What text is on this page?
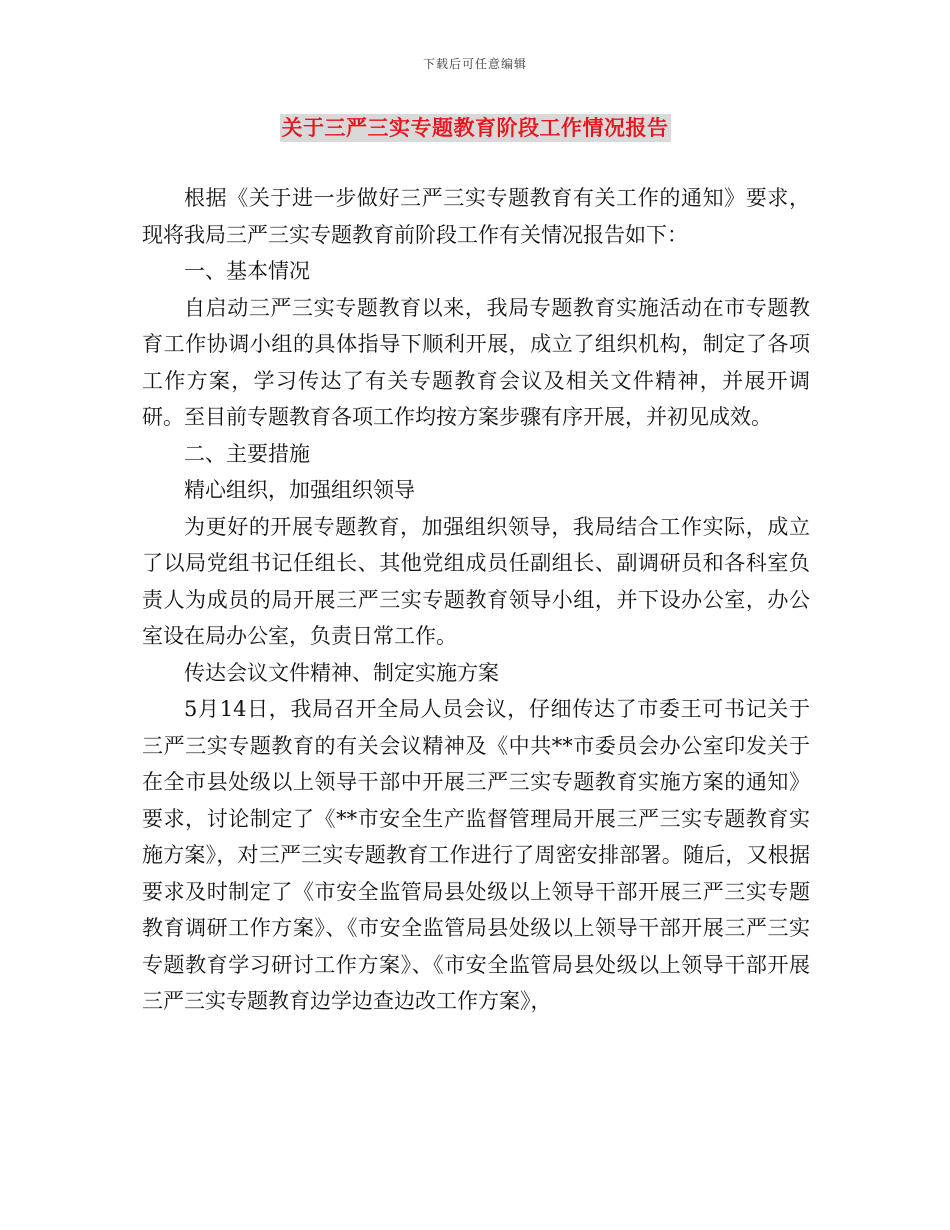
下载后可任意编辑
关于三严三实专题教育阶段工作情况报告

根据《关于进一步做好三严三实专题教育有关工作的通知》要求，现将我局三严三实专题教育前阶段工作有关情况报告如下：

一、基本情况

自启动三严三实专题教育以来，我局专题教育实施活动在市专题教育工作协调小组的具体指导下顺利开展，成立了组织机构，制定了各项工作方案，学习传达了有关专题教育会议及相关文件精神，并展开调研。至目前专题教育各项工作均按方案步骤有序开展，并初见成效。

二、主要措施

精心组织，加强组织领导

为更好的开展专题教育，加强组织领导，我局结合工作实际，成立了以局党组书记任组长、其他党组成员任副组长、副调研员和各科室负责人为成员的局开展三严三实专题教育领导小组，并下设办公室，办公室设在局办公室，负责日常工作。

传达会议文件精神、制定实施方案

5月14日，我局召开全局人员会议，仔细传达了市委王可书记关于三严三实专题教育的有关会议精神及《中共**市委员会办公室印发关于在全市县处级以上领导干部中开展三严三实专题教育实施方案的通知》要求，讨论制定了《**市安全生产监督管理局开展三严三实专题教育实施方案》，对三严三实专题教育工作进行了周密安排部署。随后，又根据要求及时制定了《市安全监管局县处级以上领导干部开展三严三实专题教育调研工作方案》、《市安全监管局县处级以上领导干部开展三严三实专题教育学习研讨工作方案》、《市安全监管局县处级以上领导干部开展三严三实专题教育边学边查边改工作方案》，
